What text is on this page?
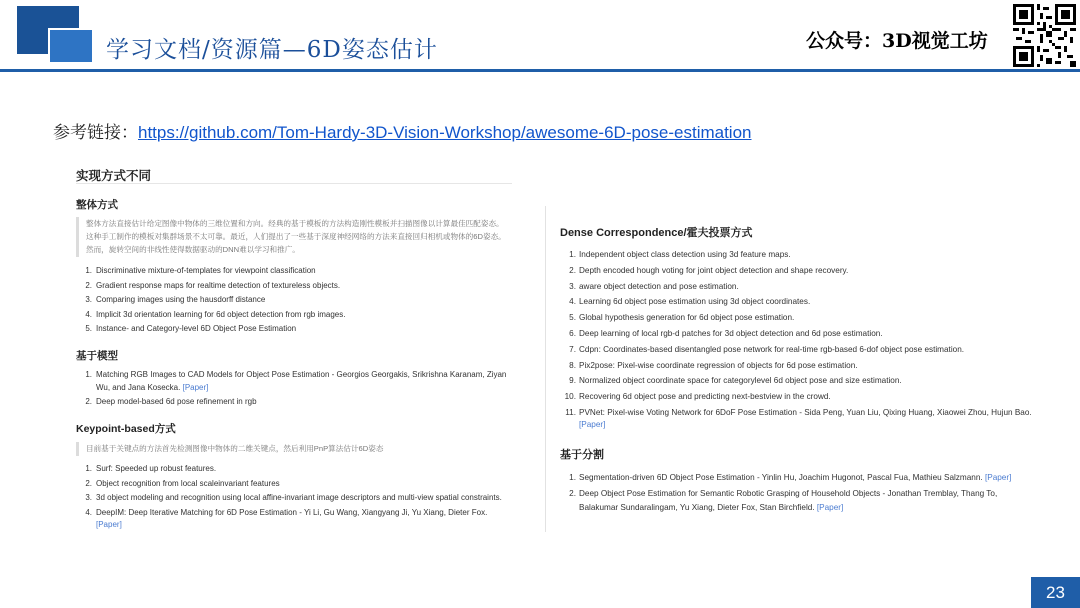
学习文档/资源篇—6D姿态估计	公众号：3D视觉工坊
参考链接：https://github.com/Tom-Hardy-3D-Vision-Workshop/awesome-6D-pose-estimation
实现方式不同
整体方式
整体方法直接估计给定图像中物体的三维位置和方向。经典的基于模板的方法构造刚性模板并扫描图像以计算最佳匹配姿态。这种手工制作的模板对集群场景不太可靠。最近，人们提出了一些基于深度神经网络的方法来直接回归相机或物体的6D姿态。然而，旋转空间的非线性使得数据驱动的DNN难以学习和推广。
1. Discriminative mixture-of-templates for viewpoint classification
2. Gradient response maps for realtime detection of textureless objects.
3. Comparing images using the hausdorff distance
4. Implicit 3d orientation learning for 6d object detection from rgb images.
5. Instance- and Category-level 6D Object Pose Estimation
基于模型
1. Matching RGB Images to CAD Models for Object Pose Estimation - Georgios Georgakis, Srikrishna Karanam, Ziyan Wu, and Jana Kosecka. [Paper]
2. Deep model-based 6d pose refinement in rgb
Keypoint-based方式
目前基于关键点的方法首先检测图像中物体的二维关键点，然后利用PnP算法估计6D姿态
1. Surf: Speeded up robust features.
2. Object recognition from local scaleinvariant features
3. 3d object modeling and recognition using local affine-invariant image descriptors and multi-view spatial constraints.
4. DeepIM: Deep Iterative Matching for 6D Pose Estimation - Yi Li, Gu Wang, Xiangyang Ji, Yu Xiang, Dieter Fox. [Paper]
Dense Correspondence/霍夫投票方式
1. Independent object class detection using 3d feature maps.
2. Depth encoded hough voting for joint object detection and shape recovery.
3. aware object detection and pose estimation.
4. Learning 6d object pose estimation using 3d object coordinates.
5. Global hypothesis generation for 6d object pose estimation.
6. Deep learning of local rgb-d patches for 3d object detection and 6d pose estimation.
7. Cdpn: Coordinates-based disentangled pose network for real-time rgb-based 6-dof object pose estimation.
8. Pix2pose: Pixel-wise coordinate regression of objects for 6d pose estimation.
9. Normalized object coordinate space for categorylevel 6d object pose and size estimation.
10. Recovering 6d object pose and predicting next-bestview in the crowd.
11. PVNet: Pixel-wise Voting Network for 6DoF Pose Estimation - Sida Peng, Yuan Liu, Qixing Huang, Xiaowei Zhou, Hujun Bao. [Paper]
基于分割
1. Segmentation-driven 6D Object Pose Estimation - Yinlin Hu, Joachim Hugonot, Pascal Fua, Mathieu Salzmann. [Paper]
2. Deep Object Pose Estimation for Semantic Robotic Grasping of Household Objects - Jonathan Tremblay, Thang To, Balakumar Sundaralingam, Yu Xiang, Dieter Fox, Stan Birchfield. [Paper]
23
